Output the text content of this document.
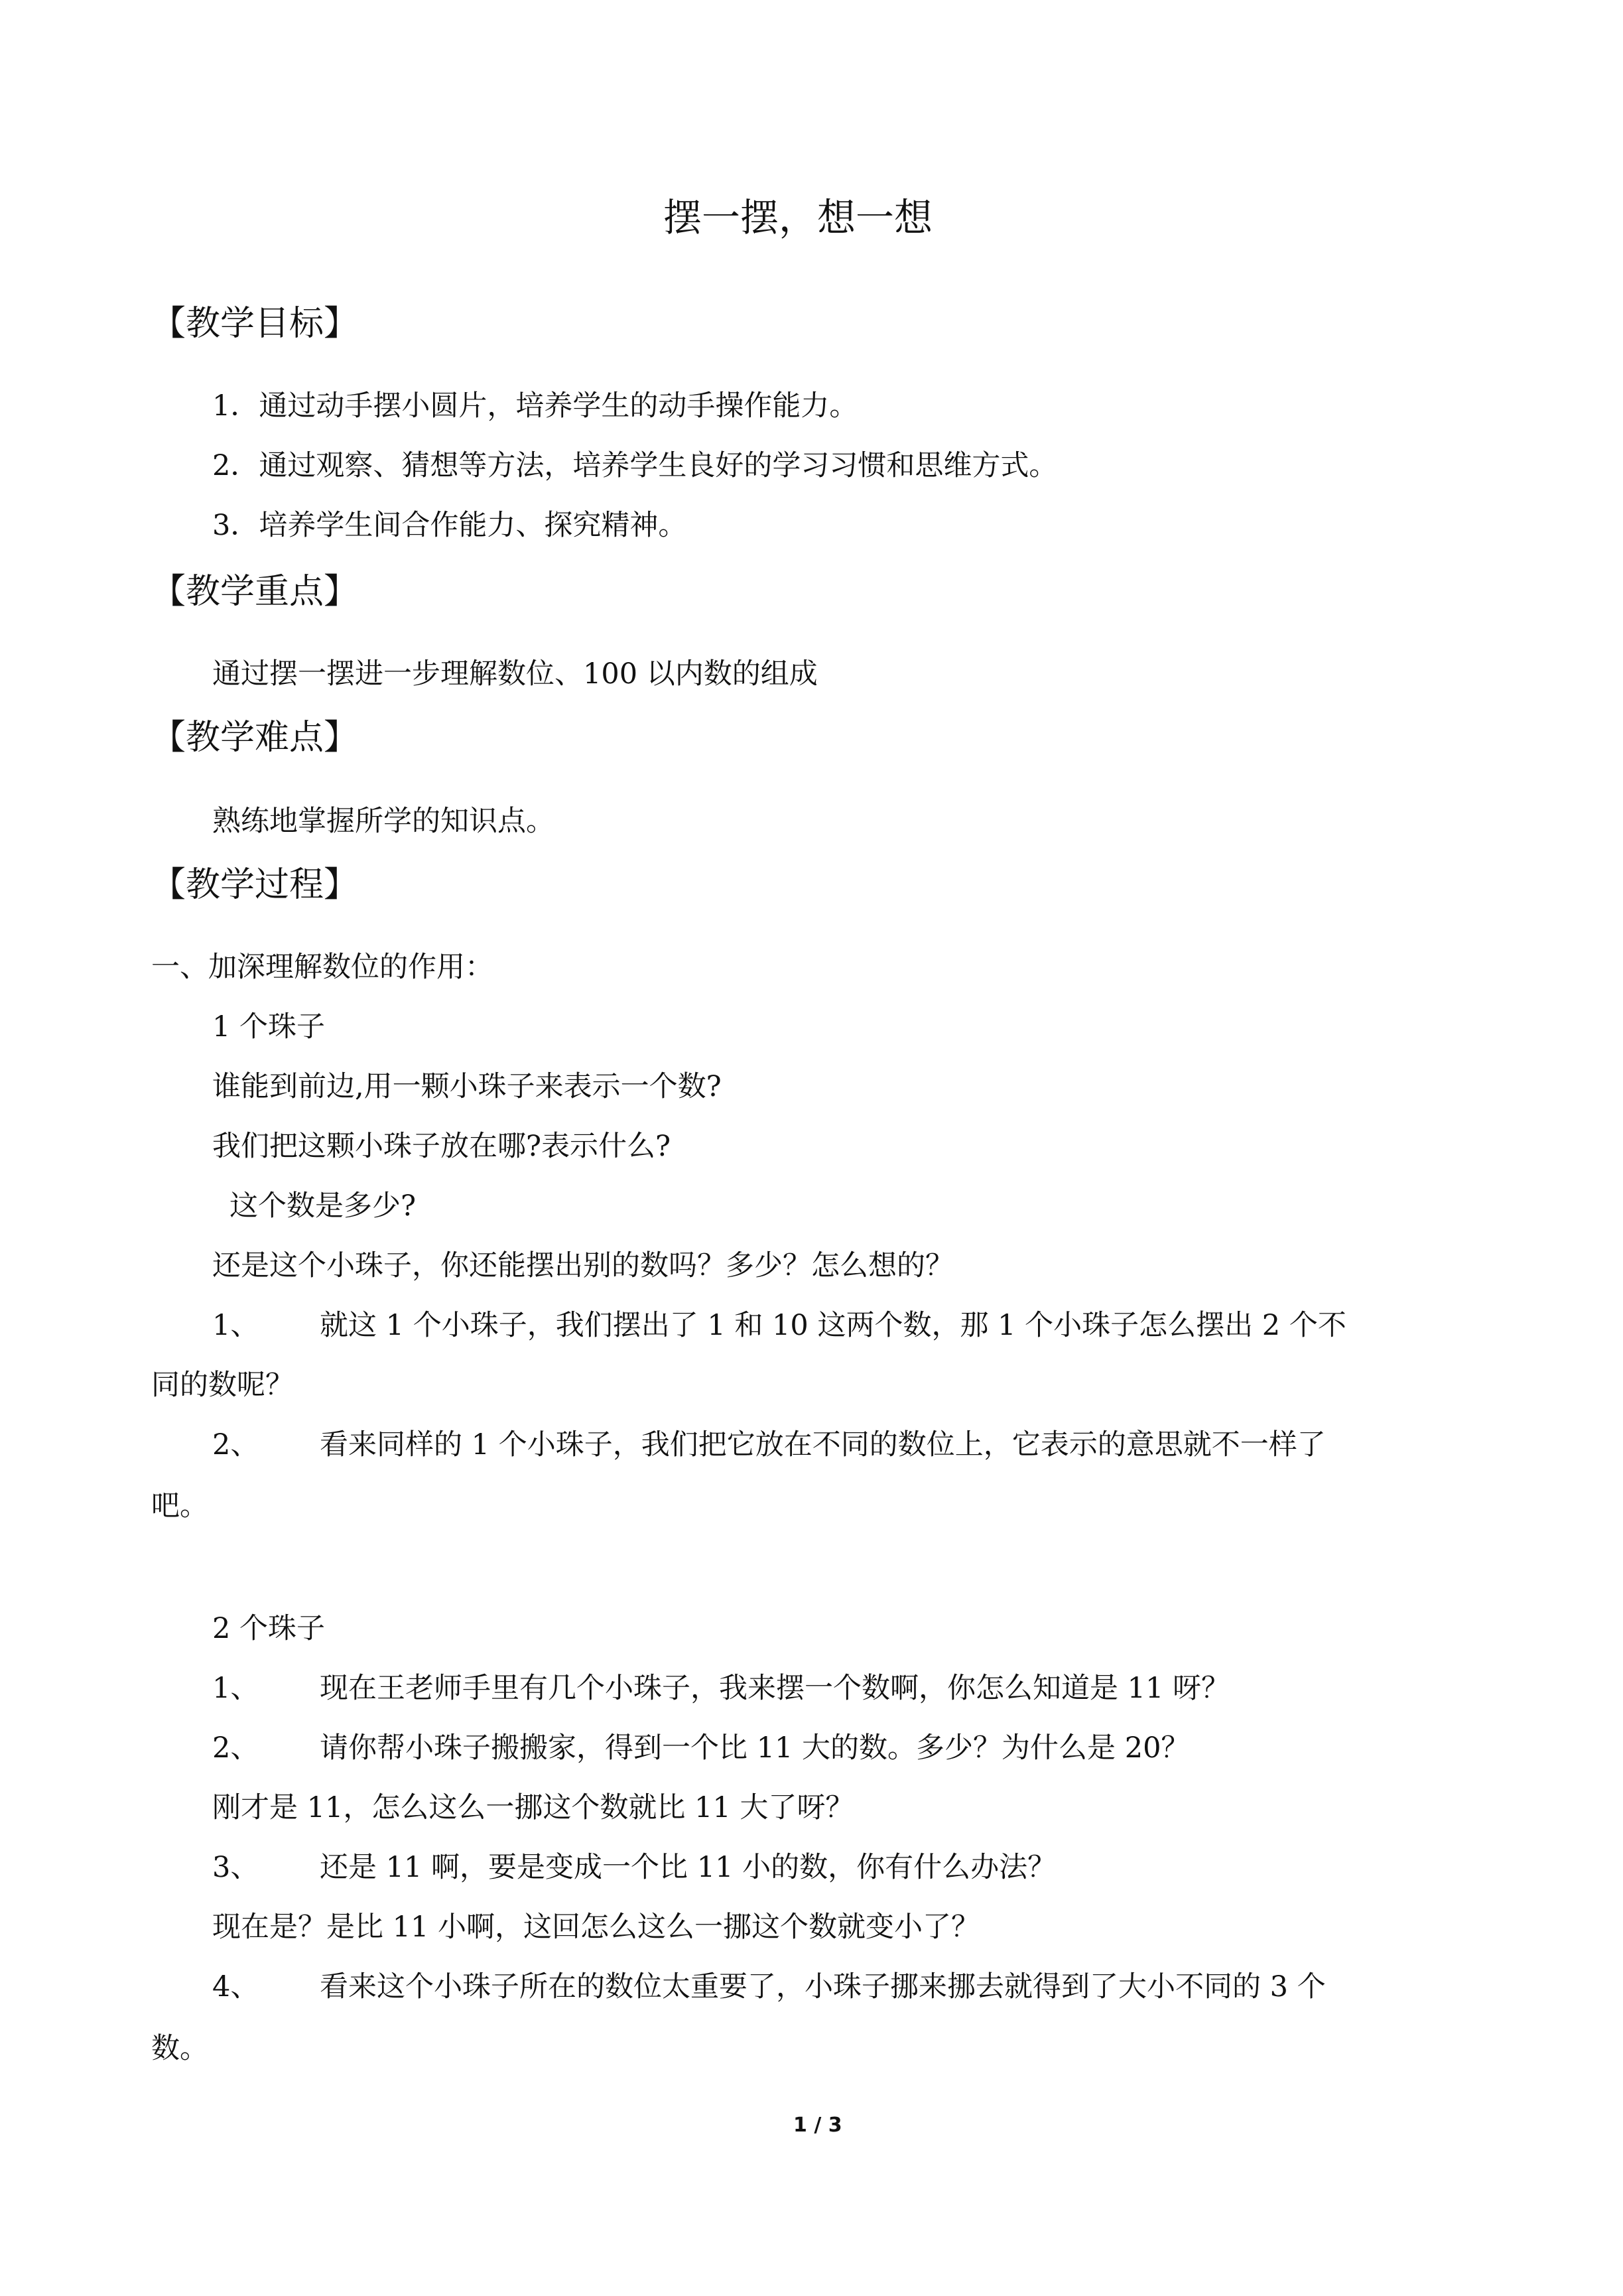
摆一摆，想一想
【教学目标】
1．通过动手摆小圆片，培养学生的动手操作能力。
2．通过观察、猜想等方法，培养学生良好的学习习惯和思维方式。
3．培养学生间合作能力、探究精神。
【教学重点】
通过摆一摆进一步理解数位、100 以内数的组成
【教学难点】
熟练地掌握所学的知识点。
【教学过程】
一、加深理解数位的作用：
1 个珠子
谁能到前边,用一颗小珠子来表示一个数?
我们把这颗小珠子放在哪?表示什么?
这个数是多少?
还是这个小珠子，你还能摆出别的数吗？多少？怎么想的？
1、 就这 1 个小珠子，我们摆出了 1 和 10 这两个数，那 1 个小珠子怎么摆出 2 个不
同的数呢？
2、 看来同样的 1 个小珠子，我们把它放在不同的数位上，它表示的意思就不一样了
吧。
2 个珠子
1、 现在王老师手里有几个小珠子，我来摆一个数啊，你怎么知道是 11 呀？
2、 请你帮小珠子搬搬家，得到一个比 11 大的数。多少？为什么是 20？
刚才是 11，怎么这么一挪这个数就比 11 大了呀？
3、 还是 11 啊，要是变成一个比 11 小的数，你有什么办法？
现在是？是比 11 小啊，这回怎么这么一挪这个数就变小了？
4、 看来这个小珠子所在的数位太重要了，小珠子挪来挪去就得到了大小不同的 3 个
数。
1 / 3
